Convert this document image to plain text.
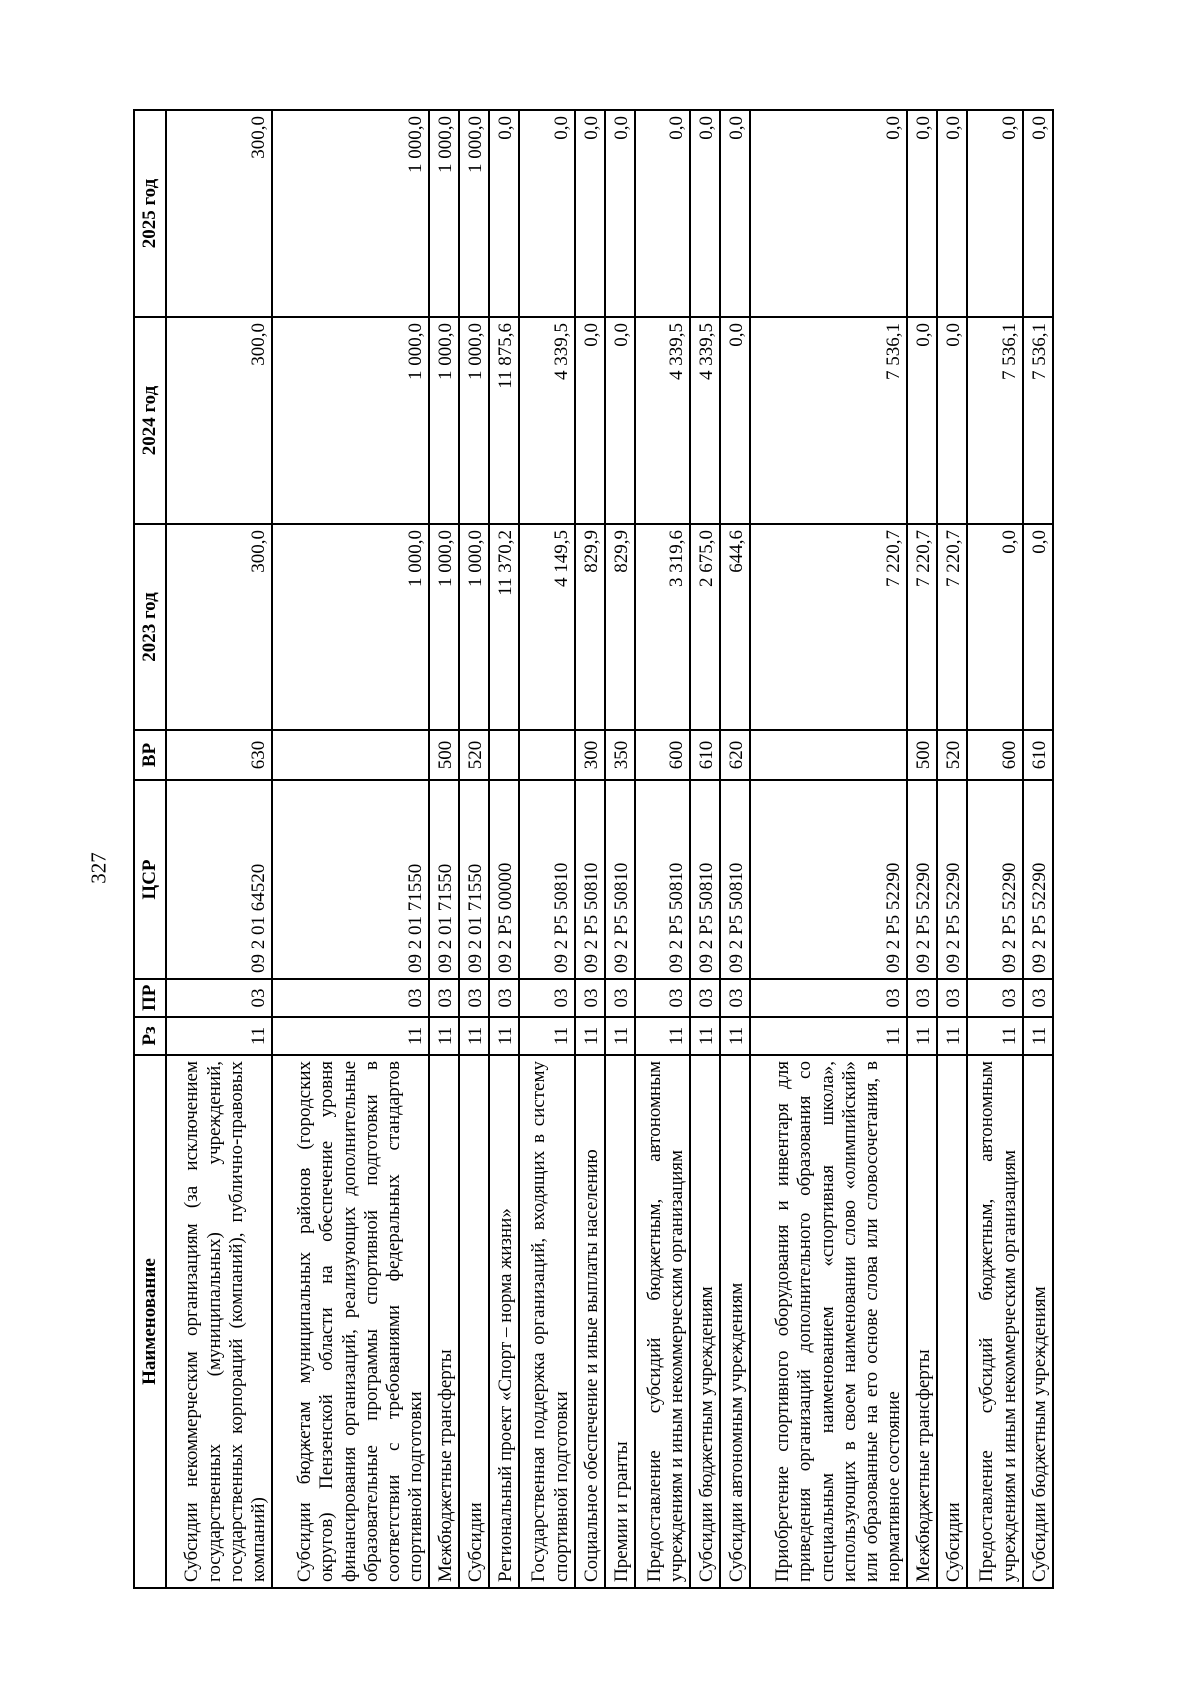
327
Наименование	Рз	ПР	ЦСР	ВР	2023 год	2024 год	2025 год
Субсидии некоммерческим организациям (за исключением государственных (муниципальных) учреждений, государственных корпораций (компаний), публично-правовых компаний)	11	03	09 2 01 64520	630	300,0	300,0	300,0
Субсидии бюджетам муниципальных районов (городских округов) Пензенской области на обеспечение уровня финансирования организаций, реализующих дополнительные образовательные программы спортивной подготовки в соответствии с требованиями федеральных стандартов спортивной подготовки	11	03	09 2 01 71550		1 000,0	1 000,0	1 000,0
Межбюджетные трансферты	11	03	09 2 01 71550	500	1 000,0	1 000,0	1 000,0
Субсидии	11	03	09 2 01 71550	520	1 000,0	1 000,0	1 000,0
Региональный проект «Спорт – норма жизни»	11	03	09 2 P5 00000		11 370,2	11 875,6	0,0
Государственная поддержка организаций, входящих в систему спортивной подготовки	11	03	09 2 P5 50810		4 149,5	4 339,5	0,0
Социальное обеспечение и иные выплаты населению	11	03	09 2 P5 50810	300	829,9	0,0	0,0
Премии и гранты	11	03	09 2 P5 50810	350	829,9	0,0	0,0
Предоставление субсидий бюджетным, автономным учреждениям и иным некоммерческим организациям	11	03	09 2 P5 50810	600	3 319,6	4 339,5	0,0
Субсидии бюджетным учреждениям	11	03	09 2 P5 50810	610	2 675,0	4 339,5	0,0
Субсидии автономным учреждениям	11	03	09 2 P5 50810	620	644,6	0,0	0,0
Приобретение спортивного оборудования и инвентаря для приведения организаций дополнительного образования со специальным наименованием «спортивная школа», использующих в своем наименовании слово «олимпийский» или образованные на его основе слова или словосочетания, в нормативное состояние	11	03	09 2 P5 52290		7 220,7	7 536,1	0,0
Межбюджетные трансферты	11	03	09 2 P5 52290	500	7 220,7	0,0	0,0
Субсидии	11	03	09 2 P5 52290	520	7 220,7	0,0	0,0
Предоставление субсидий бюджетным, автономным учреждениям и иным некоммерческим организациям	11	03	09 2 P5 52290	600	0,0	7 536,1	0,0
Субсидии бюджетным учреждениям	11	03	09 2 P5 52290	610	0,0	7 536,1	0,0
